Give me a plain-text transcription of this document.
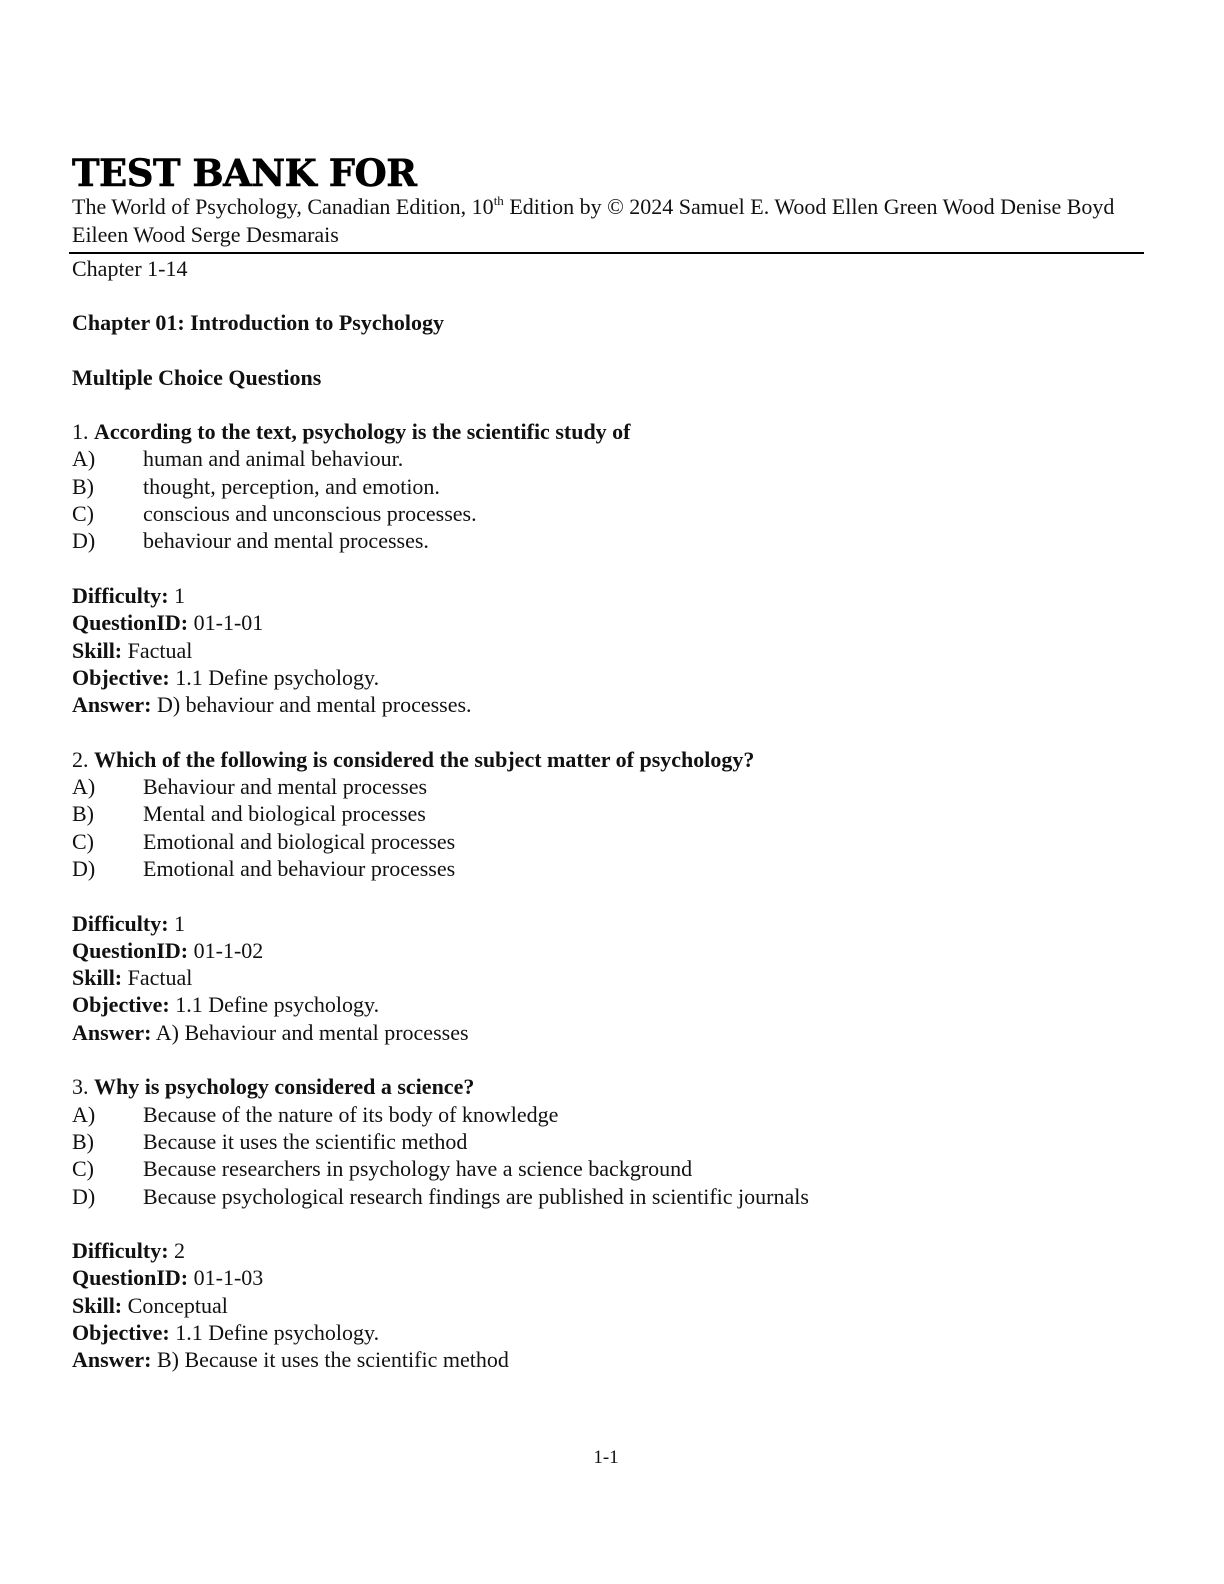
TEST BANK FOR
The World of Psychology, Canadian Edition, 10th Edition by © 2024 Samuel E. Wood Ellen Green Wood Denise Boyd Eileen Wood Serge Desmarais
Chapter 1-14
Chapter 01: Introduction to Psychology
Multiple Choice Questions
1. According to the text, psychology is the scientific study of
A) human and animal behaviour.
B) thought, perception, and emotion.
C) conscious and unconscious processes.
D) behaviour and mental processes.
Difficulty: 1
QuestionID: 01-1-01
Skill: Factual
Objective: 1.1 Define psychology.
Answer: D) behaviour and mental processes.
2. Which of the following is considered the subject matter of psychology?
A) Behaviour and mental processes
B) Mental and biological processes
C) Emotional and biological processes
D) Emotional and behaviour processes
Difficulty: 1
QuestionID: 01-1-02
Skill: Factual
Objective: 1.1 Define psychology.
Answer: A) Behaviour and mental processes
3. Why is psychology considered a science?
A) Because of the nature of its body of knowledge
B) Because it uses the scientific method
C) Because researchers in psychology have a science background
D) Because psychological research findings are published in scientific journals
Difficulty: 2
QuestionID: 01-1-03
Skill: Conceptual
Objective: 1.1 Define psychology.
Answer: B) Because it uses the scientific method
1-1
